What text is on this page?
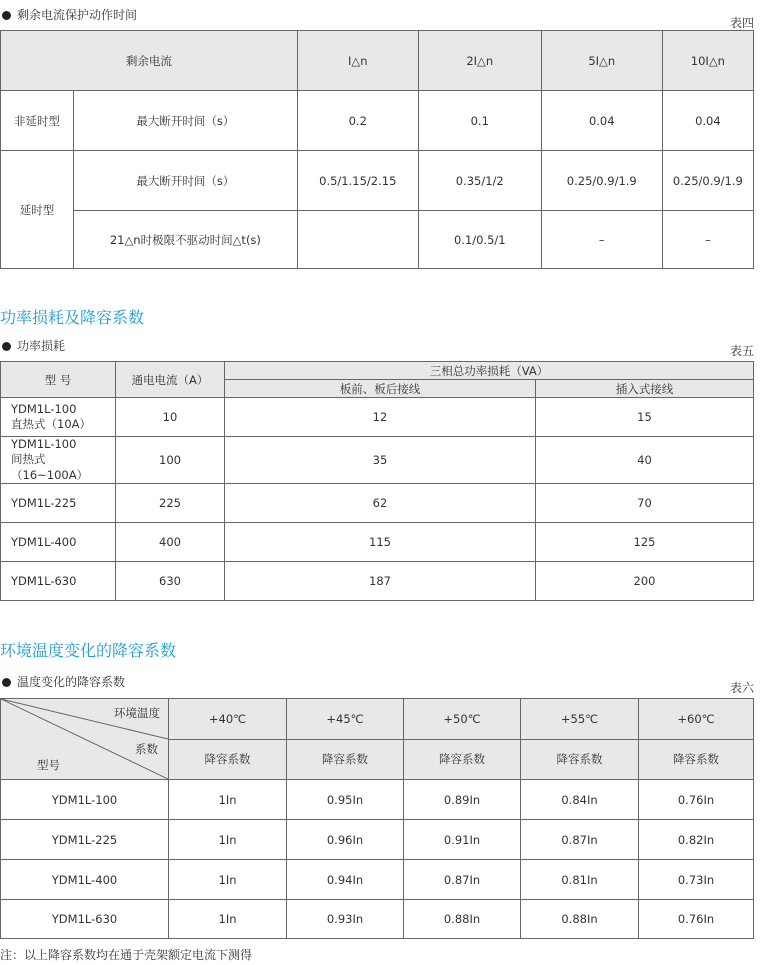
剩余电流保护动作时间
表四
剩余电流		I△n	2I△n	5I△n	10I△n
非延时型	最大断开时间（s）	0.2	0.1	0.04	0.04
延时型	最大断开时间（s）	0.5/1.15/2.15	0.35/1/2	0.25/0.9/1.9	0.25/0.9/1.9
	21△n时极限不驱动时间△t(s)		0.1/0.5/1	–	–
功率损耗及降容系数
功率损耗	表五
型 号	通电电流（A）	三相总功率损耗（VA）	
		板前、板后接线	插入式接线
YDM1L-100
直热式（10A）	10	12	15
YDM1L-100
间热式（16~100A）	100	35	40
YDM1L-225	225	62	70
YDM1L-400	400	115	125
YDM1L-630	630	187	200
环境温度变化的降容系数
温度变化的降容系数	表六
环境温度
系数
型号	+40℃	+45℃	+50℃	+55℃	+60℃
	降容系数	降容系数	降容系数	降容系数	降容系数
YDM1L-100	1In	0.95In	0.89In	0.84In	0.76In
YDM1L-225	1In	0.96In	0.91In	0.87In	0.82In
YDM1L-400	1In	0.94In	0.87In	0.81In	0.73In
YDM1L-630	1In	0.93In	0.88In	0.88In	0.76In
注：以上降容系数均在通于壳架额定电流下测得
